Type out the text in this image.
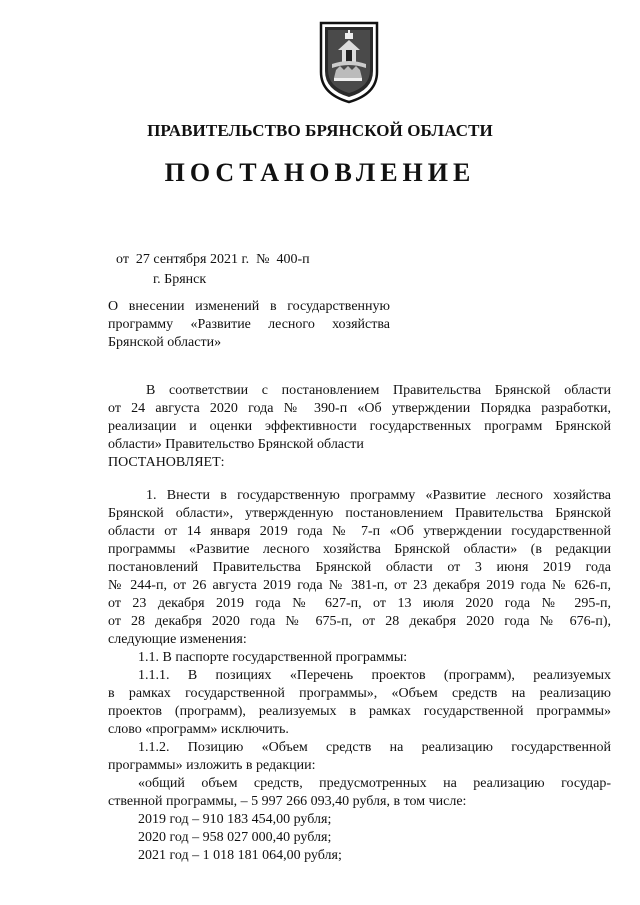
ПРАВИТЕЛЬСТВО БРЯНСКОЙ ОБЛАСТИ
ПОСТАНОВЛЕНИЕ
от  27 сентября 2021 г.  №  400-п
г. Брянск
О внесении изменений в государственную
программу «Развитие лесного хозяйства
Брянской области»
В соответствии с постановлением Правительства Брянской области
от 24 августа 2020 года № 390-п «Об утверждении Порядка разработки,
реализации и оценки эффективности государственных программ Брянской
области» Правительство Брянской области
ПОСТАНОВЛЯЕТ:
1. Внести в государственную программу «Развитие лесного хозяйства
Брянской области», утвержденную постановлением Правительства Брянской
области от 14 января 2019 года № 7-п «Об утверждении государственной
программы «Развитие лесного хозяйства Брянской области» (в редакции
постановлений Правительства Брянской области от 3 июня 2019 года
№ 244-п, от 26 августа 2019 года № 381-п, от 23 декабря 2019 года № 626-п,
от 23 декабря 2019 года № 627-п, от 13 июля 2020 года № 295-п,
от 28 декабря 2020 года № 675-п, от 28 декабря 2020 года № 676-п),
следующие изменения:
1.1. В паспорте государственной программы:
1.1.1. В позициях «Перечень проектов (программ), реализуемых
в рамках государственной программы», «Объем средств на реализацию
проектов (программ), реализуемых в рамках государственной программы»
слово «программ» исключить.
1.1.2. Позицию «Объем средств на реализацию государственной
программы» изложить в редакции:
«общий объем средств, предусмотренных на реализацию государ-
ственной программы, – 5 997 266 093,40 рубля, в том числе:
2019 год – 910 183 454,00 рубля;
2020 год – 958 027 000,40 рубля;
2021 год – 1 018 181 064,00 рубля;
